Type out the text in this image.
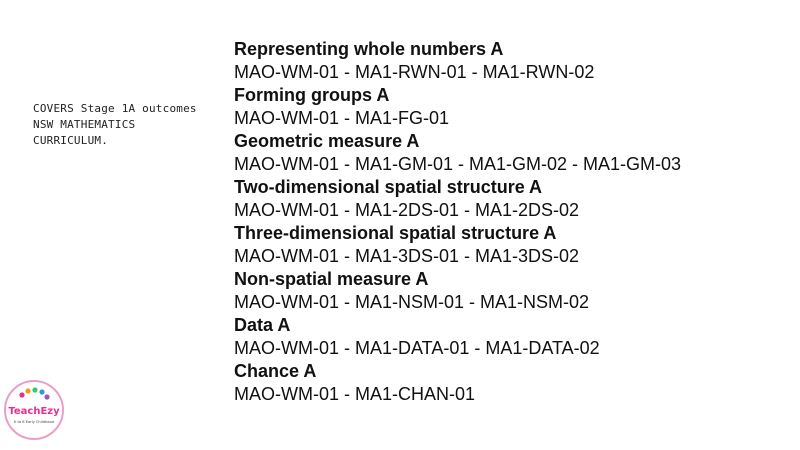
COVERS Stage 1A outcomes
NSW MATHEMATICS
CURRICULUM.
Representing whole numbers A
MAO-WM-01 - MA1-RWN-01 - MA1-RWN-02
Forming groups A
MAO-WM-01 - MA1-FG-01
Geometric measure A
MAO-WM-01 - MA1-GM-01 - MA1-GM-02 - MA1-GM-03
Two-dimensional spatial structure A
MAO-WM-01 - MA1-2DS-01 - MA1-2DS-02
Three-dimensional spatial structure A
MAO-WM-01 - MA1-3DS-01 - MA1-3DS-02
Non-spatial measure A
MAO-WM-01 - MA1-NSM-01 - MA1-NSM-02
Data A
MAO-WM-01 - MA1-DATA-01 - MA1-DATA-02
Chance A
MAO-WM-01 - MA1-CHAN-01
TeachEzy
K to 6 Early Childhood
